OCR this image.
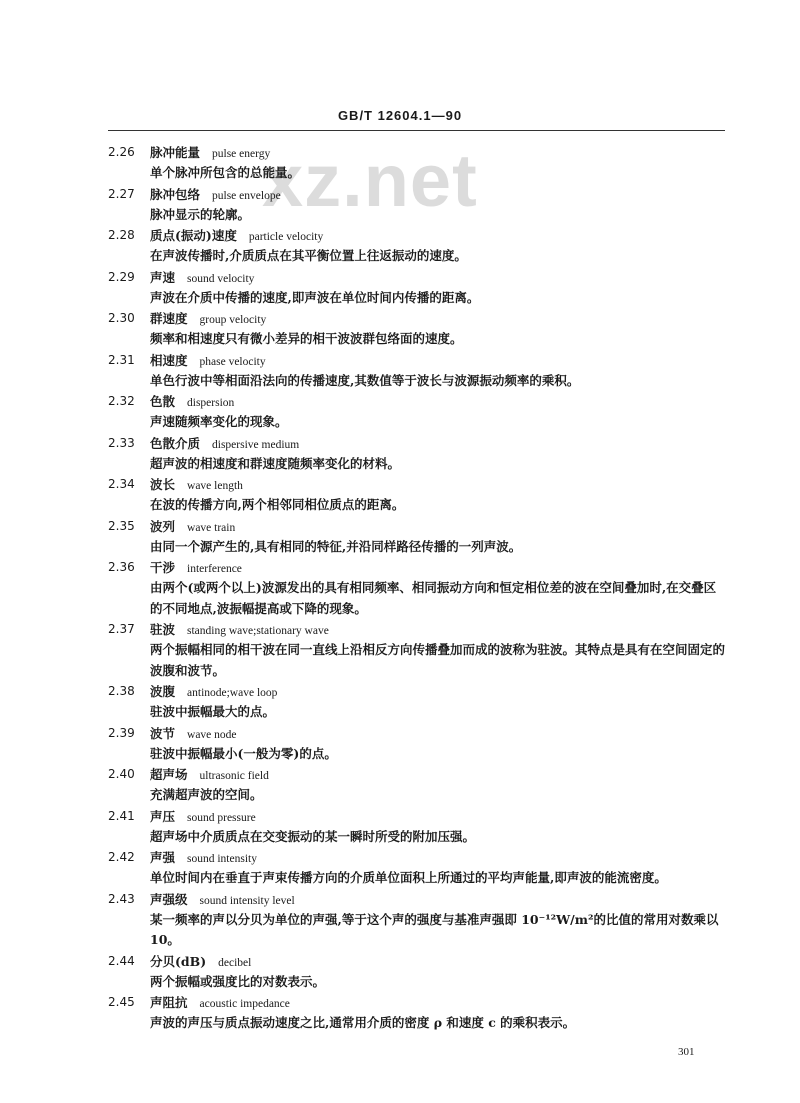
GB/T 12604.1—90
xz.net
2.26 脉冲能量 pulse energy
单个脉冲所包含的总能量。
2.27 脉冲包络 pulse envelope
脉冲显示的轮廓。
2.28 质点(振动)速度 particle velocity
在声波传播时,介质质点在其平衡位置上往返振动的速度。
2.29 声速 sound velocity
声波在介质中传播的速度,即声波在单位时间内传播的距离。
2.30 群速度 group velocity
频率和相速度只有微小差异的相干波波群包络面的速度。
2.31 相速度 phase velocity
单色行波中等相面沿法向的传播速度,其数值等于波长与波源振动频率的乘积。
2.32 色散 dispersion
声速随频率变化的现象。
2.33 色散介质 dispersive medium
超声波的相速度和群速度随频率变化的材料。
2.34 波长 wave length
在波的传播方向,两个相邻同相位质点的距离。
2.35 波列 wave train
由同一个源产生的,具有相同的特征,并沿同样路径传播的一列声波。
2.36 干涉 interference
由两个(或两个以上)波源发出的具有相同频率、相同振动方向和恒定相位差的波在空间叠加时,在交叠区的不同地点,波振幅提高或下降的现象。
2.37 驻波 standing wave;stationary wave
两个振幅相同的相干波在同一直线上沿相反方向传播叠加而成的波称为驻波。其特点是具有在空间固定的波腹和波节。
2.38 波腹 antinode;wave loop
驻波中振幅最大的点。
2.39 波节 wave node
驻波中振幅最小(一般为零)的点。
2.40 超声场 ultrasonic field
充满超声波的空间。
2.41 声压 sound pressure
超声场中介质质点在交变振动的某一瞬时所受的附加压强。
2.42 声强 sound intensity
单位时间内在垂直于声束传播方向的介质单位面积上所通过的平均声能量,即声波的能流密度。
2.43 声强级 sound intensity level
某一频率的声以分贝为单位的声强,等于这个声的强度与基准声强即 10⁻¹²W/m²的比值的常用对数乘以 10。
2.44 分贝(dB) decibel
两个振幅或强度比的对数表示。
2.45 声阻抗 acoustic impedance
声波的声压与质点振动速度之比,通常用介质的密度 ρ 和速度 c 的乘积表示。
301
